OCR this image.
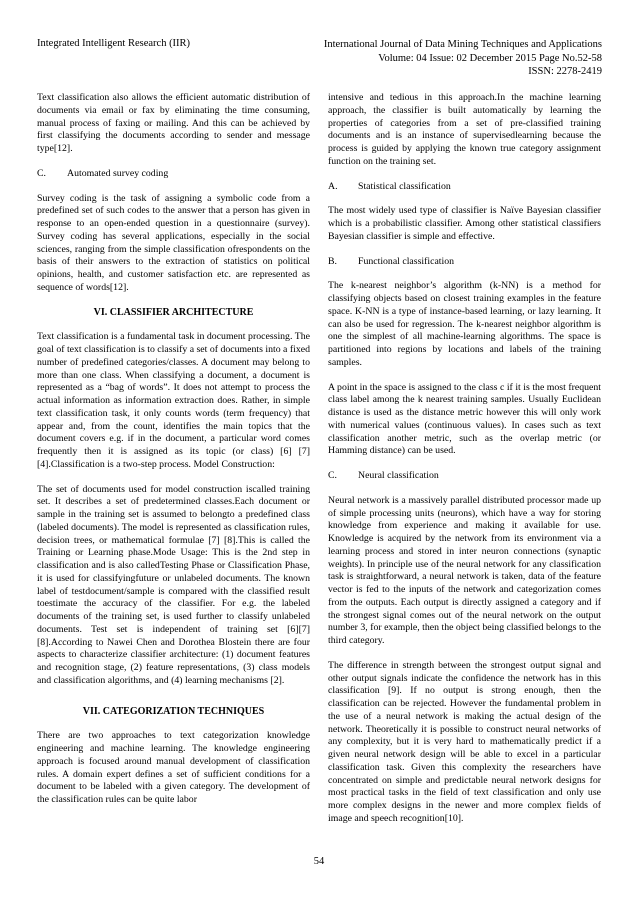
Integrated Intelligent Research (IIR)	International Journal of Data Mining Techniques and Applications
Volume: 04 Issue: 02 December 2015 Page No.52-58
ISSN: 2278-2419

Text classification also allows the efficient automatic distribution of documents via email or fax by eliminating the time consuming, manual process of faxing or mailing. And this can be achieved by first classifying the documents according to sender and message type[12].

C. Automated survey coding

Survey coding is the task of assigning a symbolic code from a predefined set of such codes to the answer that a person has given in response to an open-ended question in a questionnaire (survey). Survey coding has several applications, especially in the social sciences, ranging from the simple classification ofrespondents on the basis of their answers to the extraction of statistics on political opinions, health, and customer satisfaction etc. are represented as sequence of words[12].

VI. CLASSIFIER ARCHITECTURE

Text classification is a fundamental task in document processing. The goal of text classification is to classify a set of documents into a fixed number of predefined categories/classes. A document may belong to more than one class. When classifying a document, a document is represented as a “bag of words”. It does not attempt to process the actual information as information extraction does. Rather, in simple text classification task, it only counts words (term frequency) that appear and, from the count, identifies the main topics that the document covers e.g. if in the document, a particular word comes frequently then it is assigned as its topic (or class) [6] [7][4].Classification is a two-step process. Model Construction:

The set of documents used for model construction iscalled training set. It describes a set of predetermined classes.Each document or sample in the training set is assumed to belongto a predefined class (labeled documents). The model is represented as classification rules, decision trees, or mathematical formulae [7] [8].This is called the Training or Learning phase.Mode Usage: This is the 2nd step in classification and is also calledTesting Phase or Classification Phase, it is used for classifyingfuture or unlabeled documents. The known label of testdocument/sample is compared with the classified result toestimate the accuracy of the classifier. For e.g. the labeled documents of the training set, is used further to classify unlabeled documents. Test set is independent of training set [6][7] [8].According to Nawei Chen and Dorothea Blostein there are four aspects to characterize classifier architecture: (1) document features and recognition stage, (2) feature representations, (3) class models and classification algorithms, and (4) learning mechanisms [2].

VII. CATEGORIZATION TECHNIQUES

There are two approaches to text categorization knowledge engineering and machine learning. The knowledge engineering approach is focused around manual development of classification rules. A domain expert defines a set of sufficient conditions for a document to be labeled with a given category. The development of the classification rules can be quite labor

intensive and tedious in this approach.In the machine learning approach, the classifier is built automatically by learning the properties of categories from a set of pre-classified training documents and is an instance of supervisedlearning because the process is guided by applying the known true category assignment function on the training set.

A. Statistical classification

The most widely used type of classifier is Naïve Bayesian classifier which is a probabilistic classifier. Among other statistical classifiers Bayesian classifier is simple and effective.

B. Functional classification

The k-nearest neighbor’s algorithm (k-NN) is a method for classifying objects based on closest training examples in the feature space. K-NN is a type of instance-based learning, or lazy learning. It can also be used for regression. The k-nearest neighbor algorithm is one the simplest of all machine-learning algorithms. The space is partitioned into regions by locations and labels of the training samples.

A point in the space is assigned to the class c if it is the most frequent class label among the k nearest training samples. Usually Euclidean distance is used as the distance metric however this will only work with numerical values (continuous values). In cases such as text classification another metric, such as the overlap metric (or Hamming distance) can be used.

C. Neural classification

Neural network is a massively parallel distributed processor made up of simple processing units (neurons), which have a way for storing knowledge from experience and making it available for use. Knowledge is acquired by the network from its environment via a learning process and stored in inter neuron connections (synaptic weights). In principle use of the neural network for any classification task is straightforward, a neural network is taken, data of the feature vector is fed to the inputs of the network and categorization comes from the outputs. Each output is directly assigned a category and if the strongest signal comes out of the neural network on the output number 3, for example, then the object being classified belongs to the third category.

The difference in strength between the strongest output signal and other output signals indicate the confidence the network has in this classification [9]. If no output is strong enough, then the classification can be rejected. However the fundamental problem in the use of a neural network is making the actual design of the network. Theoretically it is possible to construct neural networks of any complexity, but it is very hard to mathematically predict if a given neural network design will be able to excel in a particular classification task. Given this complexity the researchers have concentrated on simple and predictable neural network designs for most practical tasks in the field of text classification and only use more complex designs in the newer and more complex fields of image and speech recognition[10].

54
